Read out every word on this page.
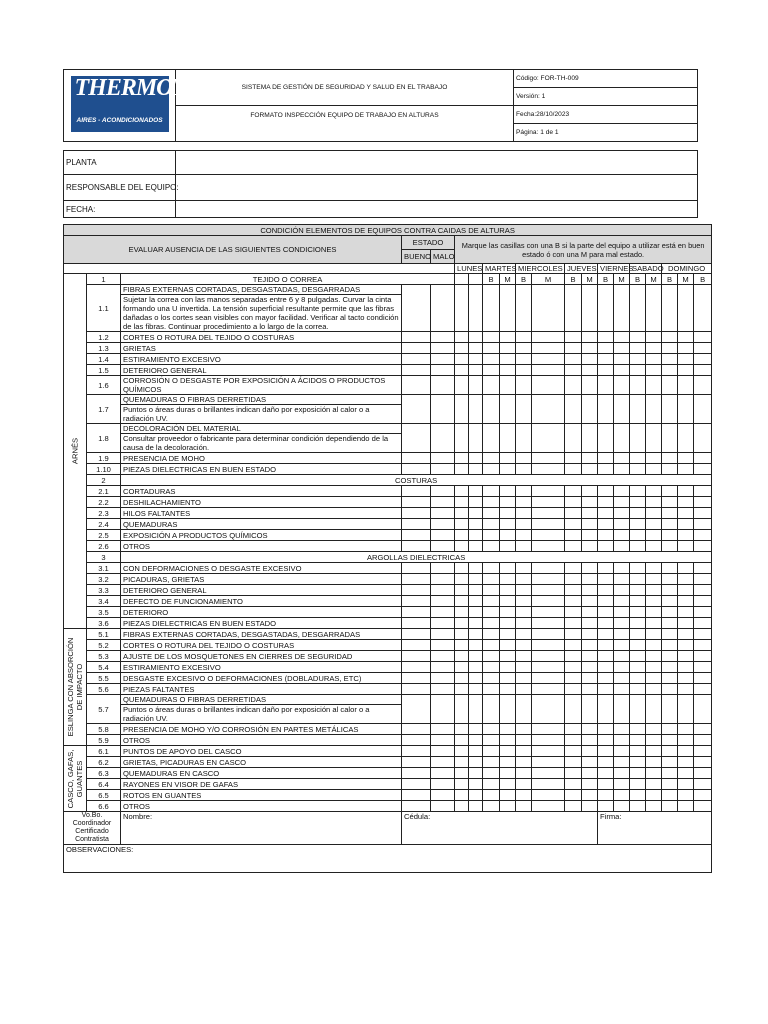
THERMOTAR
AIRES - ACONDICIONADOS	SISTEMA DE GESTIÓN DE SEGURIDAD Y SALUD EN EL TRABAJO	Código: FOR-TH-009
		Versión: 1
	FORMATO INSPECCIÓN EQUIPO DE TRABAJO EN ALTURAS	Fecha:28/10/2023
		Página: 1 de 1
PLANTA	
RESPONSABLE DEL EQUIPO:	
FECHA:	
CONDICIÓN ELEMENTOS DE EQUIPOS CONTRA CAIDAS DE ALTURAS																				
EVALUAR AUSENCIA DE LAS SIGUIENTES CONDICIONES			ESTADO		Marque las casillas con una B si la parte del equipo a utilizar está en buen estado ó con una M para mal estado.															
			BUENO	MALO																
					LUNES		MARTES		MIERCOLES		JUEVES		VIERNES		SABADO		DOMINGO			

ARNÉS	1	TEJIDO O CORREA					B	M	B	M	B	M	B	M	B	M	B	M	B		
	1.1	FIBRAS EXTERNAS CORTADAS, DESGASTADAS, DESGARRADAS																		
		Sujetar la correa con las manos separadas entre 6 y 8 pulgadas. Curvar la cinta formando una U invertida. La tensión superficial resultante permite que las fibras dañadas o los cortes sean visibles con mayor facilidad. Verificar al tacto condición de las fibras. Continuar procedimiento a lo largo de la correa.																		
	1.2	CORTES O ROTURA DEL TEJIDO O COSTURAS																		
	1.3	GRIETAS																		
	1.4	ESTIRAMIENTO EXCESIVO																		
	1.5	DETERIORO GENERAL																		
	1.6	CORROSIÓN O DESGASTE POR EXPOSICIÓN A ÁCIDOS O PRODUCTOS QUÍMICOS																		
	1.7	QUEMADURAS O FIBRAS DERRETIDAS																		
		Puntos o áreas duras o brillantes indican daño por exposición al calor o a radiación UV.																		
	1.8	DECOLORACIÓN DEL MATERIAL																		
		Consultar proveedor o fabricante para determinar condición dependiendo de la causa de la decoloración.																		
	1.9	PRESENCIA DE MOHO																		
	1.10	PIEZAS DIELECTRICAS EN BUEN ESTADO																		
	2	COSTURAS																		
	2.1	CORTADURAS																		
	2.2	DESHILACHAMIENTO																		
	2.3	HILOS FALTANTES																		
	2.4	QUEMADURAS																		
	2.5	EXPOSICIÓN A PRODUCTOS QUÍMICOS																		
	2.6	OTROS																		
	3	ARGOLLAS DIELECTRICAS																		
	3.1	CON DEFORMACIONES O DESGASTE EXCESIVO																		
	3.2	PICADURAS, GRIETAS																		
	3.3	DETERIORO GENERAL																		
	3.4	DEFECTO DE FUNCIONAMIENTO																		
	3.5	DETERIORO																		
	3.6	PIEZAS DIELECTRICAS EN BUEN ESTADO																		

ESLINGA CON ABSORCIÓN DE IMPACTO	5.1	FIBRAS EXTERNAS CORTADAS, DESGASTADAS, DESGARRADAS																		
	5.2	CORTES O ROTURA DEL TEJIDO O COSTURAS																		
	5.3	AJUSTE DE LOS MOSQUETONES EN CIERRES DE SEGURIDAD																		
	5.4	ESTIRAMIENTO EXCESIVO																		
	5.5	DESGASTE EXCESIVO O DEFORMACIONES (DOBLADURAS, ETC)																		
	5.6	PIEZAS FALTANTES																		
	5.7	QUEMADURAS O FIBRAS DERRETIDAS																		
		Puntos o áreas duras o brillantes indican daño por exposición al calor o a radiación UV.																		
	5.8	PRESENCIA DE MOHO Y/O CORROSIÓN EN PARTES METÁLICAS																		
	5.9	OTROS																		

CASCO, GAFAS, GUANTES	6.1	PUNTOS DE APOYO DEL CASCO																		
	6.2	GRIETAS, PICADURAS EN CASCO																		
	6.3	QUEMADURAS EN CASCO																		
	6.4	RAYONES EN VISOR DE GAFAS																		
	6.5	ROTOS EN GUANTES																		
	6.6	OTROS																		
Vo.Bo. Coordinador Certificado Contratista		Nombre:	Cédula:										Firma:							
OBSERVACIONES:																				
